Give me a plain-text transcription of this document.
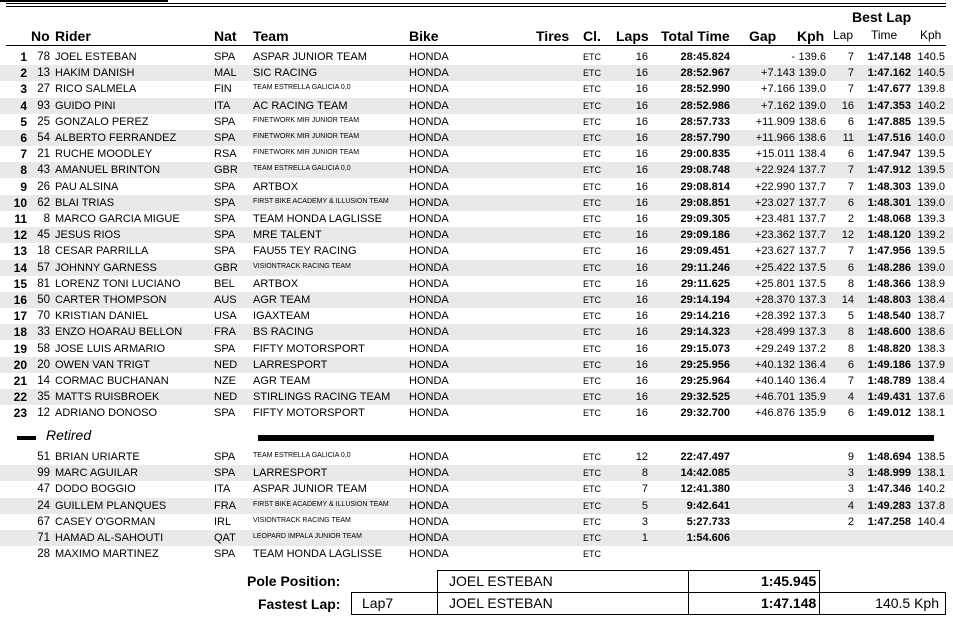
Best Lap
No Rider	Nat Team	Bike	Tires Cl. Laps Total Time Gap Kph Lap Time Kph
1 78 JOEL ESTEBAN	SPA ASPAR JUNIOR TEAM	HONDA	ETC	16	28:45.824	- 139.6	7	1:47.148 140.5
2 13 HAKIM DANISH	MAL SIC RACING	HONDA	ETC	16	28:52.967	+7.143 139.0	7	1:47.162 140.5
3 27 RICO SALMELA	FIN	TEAM ESTRELLA GALICIA 0,0	HONDA	ETC	16	28:52.990	+7.166 139.0	7	1:47.677 139.8
4 93 GUIDO PINI	ITA AC RACING TEAM	HONDA	ETC	16	28:52.986	+7.162 139.0	16	1:47.353 140.2
5 25 GONZALO PEREZ	SPA	FINETWORK MIR JUNIOR TEAM	HONDA	ETC	16	28:57.733	+11.909 138.6	6	1:47.885 139.5
6 54 ALBERTO FERRANDEZ	SPA	FINETWORK MIR JUNIOR TEAM	HONDA	ETC	16	28:57.790	+11.966 138.6	11	1:47.516 140.0
7 21 RUCHE MOODLEY	RSA FINETWORK MIR JUNIOR TEAM	HONDA	ETC	16	29:00.835	+15.011 138.4	6	1:47.947 139.5
8 43 AMANUEL BRINTON	GBR TEAM ESTRELLA GALICIA 0,0	HONDA	ETC	16	29:08.748	+22.924 137.7	7	1:47.912 139.5
9 26 PAU ALSINA	SPA ARTBOX	HONDA	ETC	16	29:08.814	+22.990 137.7	7	1:48.303 139.0
10 62 BLAI TRIAS	SPA	FIRST BIKE ACADEMY & ILLUSION TEAM HONDA	ETC	16	29:08.851	+23.027 137.7	6	1:48.301 139.0
11	8 MARCO GARCIA MIGUE	SPA TEAM HONDA LAGLISSE HONDA	ETC	16	29:09.305	+23.481 137.7	2	1:48.068 139.3
12 45 JESUS RIOS	SPA MRE TALENT	HONDA	ETC	16	29:09.186	+23.362 137.7	12	1:48.120 139.2
13 18 CESAR PARRILLA	SPA FAU55 TEY RACING	HONDA	ETC	16	29:09.451	+23.627 137.7	7	1:47.956 139.5
14 57 JOHNNY GARNESS	GBR VISIONTRACK RACING TEAM	HONDA	ETC	16	29:11.246	+25.422 137.5	6	1:48.286 139.0
15 81 LORENZ TONI LUCIANO	BEL ARTBOX	HONDA	ETC	16	29:11.625	+25.801 137.5	8	1:48.366 138.9
16 50 CARTER THOMPSON	AUS AGR TEAM	HONDA	ETC	16	29:14.194	+28.370 137.3	14	1:48.803 138.4
17 70 KRISTIAN DANIEL	USA IGAXTEAM	HONDA	ETC	16	29:14.216	+28.392 137.3	5	1:48.540 138.7
18 33 ENZO HOARAU BELLON	FRA BS RACING	HONDA	ETC	16	29:14.323	+28.499 137.3	8	1:48.600 138.6
19 58 JOSE LUIS ARMARIO	SPA FIFTY MOTORSPORT	HONDA	ETC	16	29:15.073	+29.249 137.2	8	1:48.820 138.3
20 20 OWEN VAN TRIGT	NED LARRESPORT	HONDA	ETC	16	29:25.956	+40.132 136.4	6	1:49.186 137.9
21 14 CORMAC BUCHANAN	NZE AGR TEAM	HONDA	ETC	16	29:25.964	+40.140 136.4	7	1:48.789 138.4
22 35 MATTS RUISBROEK	NED STIRLINGS RACING TEAM HONDA	ETC	16	29:32.525	+46.701 135.9	4	1:49.431 137.6
23 12 ADRIANO DONOSO	SPA FIFTY MOTORSPORT	HONDA	ETC	16	29:32.700	+46.876 135.9	6	1:49.012 138.1
Retired
51 BRIAN URIARTE	SPA	TEAM ESTRELLA GALICIA 0,0	HONDA	ETC	12	22:47.497	9	1:48.694 138.5
99 MARC AGUILAR	SPA LARRESPORT	HONDA	ETC	8	14:42.085	3	1:48.999 138.1
47 DODO BOGGIO	ITA ASPAR JUNIOR TEAM	HONDA	ETC	7	12:41.380	3	1:47.346 140.2
24 GUILLEM PLANQUES	FRA FIRST BIKE ACADEMY & ILLUSION TEAM HONDA	ETC	5	9:42.641	4	1:49.283 137.8
67 CASEY O'GORMAN	IRL	VISIONTRACK RACING TEAM	HONDA	ETC	3	5:27.733	2	1:47.258 140.4
71 HAMAD AL-SAHOUTI	QAT LEOPARD IMPALA JUNIOR TEAM	HONDA	ETC	1	1:54.606
28 MAXIMO MARTINEZ	SPA TEAM HONDA LAGLISSE HONDA	ETC
Pole Position:	JOEL ESTEBAN	1:45.945
Fastest Lap:	Lap7	JOEL ESTEBAN	1:47.148	140.5 Kph
